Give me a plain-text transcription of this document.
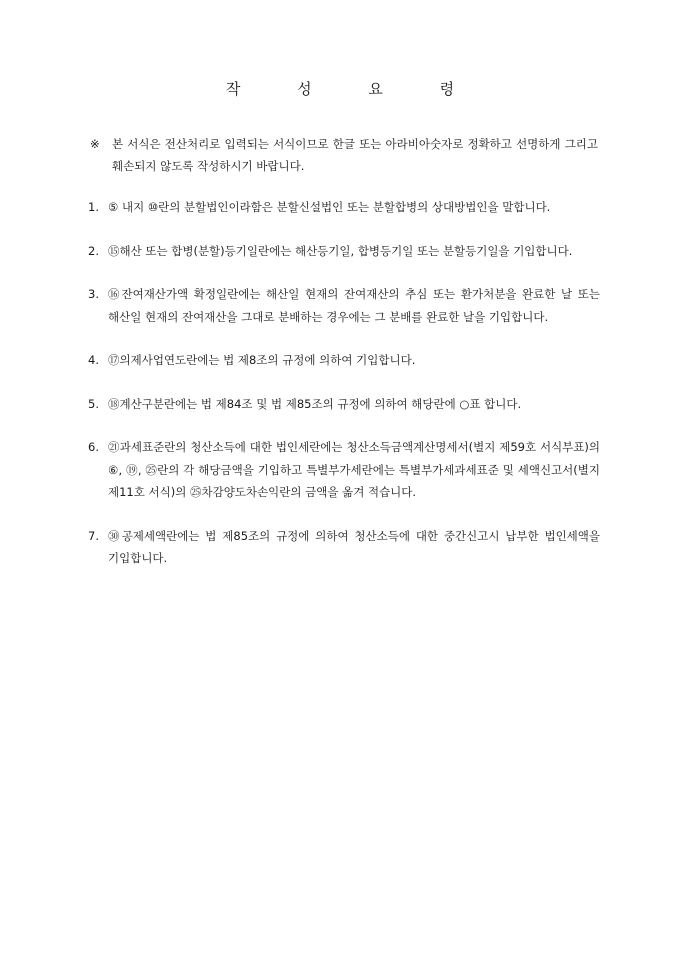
작 성 요 령
※	본 서식은 전산처리로 입력되는 서식이므로 한글 또는 아라비아숫자로 정확하고 선명하게 그리고 훼손되지 않도록 작성하시기 바랍니다.
1. ⑤ 내지 ⑩란의 분할법인이라함은 분할신설법인 또는 분할합병의 상대방법인을 말합니다.
2. ⑮해산 또는 합병(분할)등기일란에는 해산등기일, 합병등기일 또는 분할등기일을 기입합니다.
3. ⑯잔여재산가액 확정일란에는 해산일 현재의 잔여재산의 추심 또는 환가처분을 완료한 날 또는 해산일 현재의 잔여재산을 그대로 분배하는 경우에는 그 분배를 완료한 날을 기입합니다.
4. ⑰의제사업연도란에는 법 제8조의 규정에 의하여 기입합니다.
5. ⑱계산구분란에는 법 제84조 및 법 제85조의 규정에 의하여 해당란에 ○표 합니다.
6. ㉑과세표준란의 청산소득에 대한 법인세란에는 청산소득금액계산명세서(별지 제59호 서식부표)의 ⑥, ⑲, ㉕란의 각 해당금액을 기입하고 특별부가세란에는 특별부가세과세표준 및 세액신고서(별지 제11호 서식)의 ㉕차감양도차손익란의 금액을 옮겨 적습니다.
7. ㉚공제세액란에는 법 제85조의 규정에 의하여 청산소득에 대한 중간신고시 납부한 법인세액을 기입합니다.
